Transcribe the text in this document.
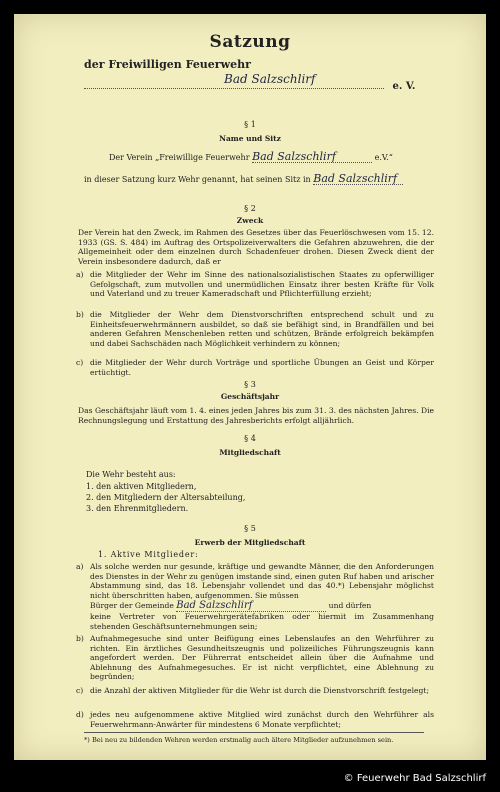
Satzung
der Freiwilligen Feuerwehr
Bad Salzschlirf
e. V.
§ 1
Name und Sitz
Der Verein „Freiwillige Feuerwehr Bad Salzschlirf	e.V.“
in dieser Satzung kurz Wehr genannt, hat seinen Sitz in Bad Salzschlirf
§ 2
Zweck
Der Verein hat den Zweck, im Rahmen des Gesetzes über das Feuerlöschwesen vom 15. 12. 1933 (GS. S. 484) im Auftrag des Ortspolizeiverwalters die Gefahren abzuwehren, die der Allgemeinheit oder dem einzelnen durch Schadenfeuer drohen. Diesen Zweck dient der Verein insbesondere dadurch, daß er
a) die Mitglieder der Wehr im Sinne des nationalsozialistischen Staates zu opferwilliger Gefolgschaft, zum mutvollen und unermüdlichen Einsatz ihrer besten Kräfte für Volk und Vaterland und zu treuer Kameradschaft und Pflichterfüllung erzieht;
b) die Mitglieder der Wehr dem Dienstvorschriften entsprechend schult und zu Einheitsfeuerwehrmännern ausbildet, so daß sie befähigt sind, in Brandfällen und bei anderen Gefahren Menschenleben retten und schützen, Brände erfolgreich bekämpfen und dabei Sachschäden nach Möglichkeit verhindern zu können;
c) die Mitglieder der Wehr durch Vorträge und sportliche Übungen an Geist und Körper ertüchtigt.
§ 3
Geschäftsjahr
Das Geschäftsjahr läuft vom 1. 4. eines jeden Jahres bis zum 31. 3. des nächsten Jahres. Die Rechnungslegung und Erstattung des Jahresberichts erfolgt alljährlich.
§ 4
Mitgliedschaft
Die Wehr besteht aus:
1. den aktiven Mitgliedern,
2. den Mitgliedern der Altersabteilung,
3. den Ehrenmitgliedern.
§ 5
Erwerb der Mitgliedschaft
1. Aktive Mitglieder:
a) Als solche werden nur gesunde, kräftige und gewandte Männer, die den Anforderungen des Dienstes in der Wehr zu genügen imstande sind, einen guten Ruf haben und arischer Abstammung sind, das 18. Lebensjahr vollendet und das 40.*) Lebensjahr möglichst nicht überschritten haben, aufgenommen. Sie müssen
Bürger der Gemeinde Bad Salzschlirf	und dürfen
keine Vertreter von Feuerwehrgerätefabriken oder hiermit im Zusammenhang stehenden Geschäftsunternehmungen sein;
b) Aufnahmegesuche sind unter Beifügung eines Lebenslaufes an den Wehrführer zu richten. Ein ärztliches Gesundheitszeugnis und polizeiliches Führungszeugnis kann angefordert werden. Der Führerrat entscheidet allein über die Aufnahme und Ablehnung des Aufnahmegesuches. Er ist nicht verpflichtet, eine Ablehnung zu begründen;
c) die Anzahl der aktiven Mitglieder für die Wehr ist durch die Dienstvorschrift festgelegt;
d) jedes neu aufgenommene aktive Mitglied wird zunächst durch den Wehrführer als Feuerwehrmann-Anwärter für mindestens 6 Monate verpflichtet;
*) Bei neu zu bildenden Wehren werden erstmalig auch ältere Mitglieder aufzunehmen sein.
© Feuerwehr Bad Salzschlirf
